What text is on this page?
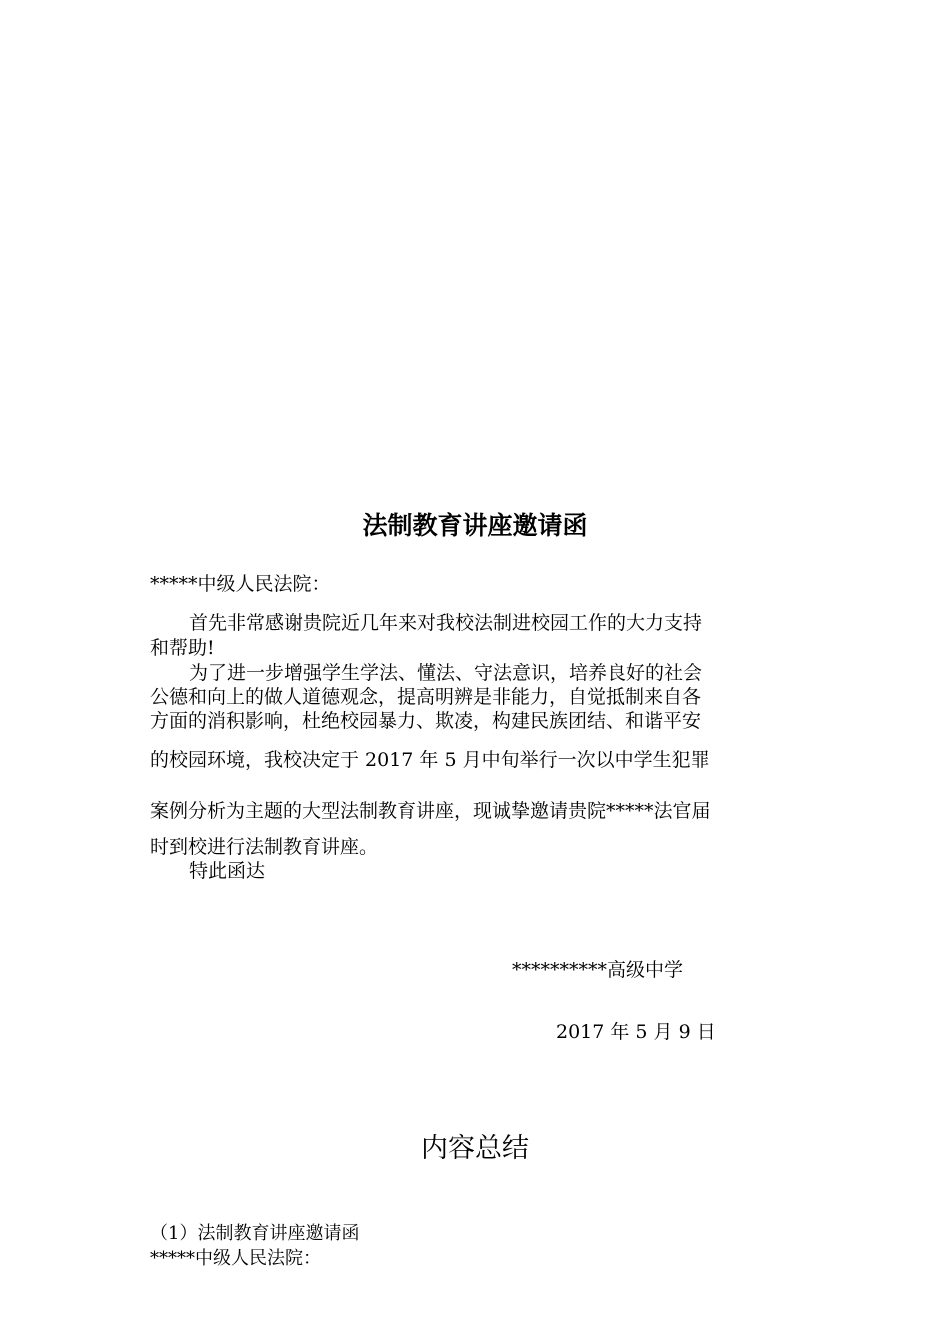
法制教育讲座邀请函
*****中级人民法院：
首先非常感谢贵院近几年来对我校法制进校园工作的大力支持
和帮助!
为了进一步增强学生学法、懂法、守法意识，培养良好的社会
公德和向上的做人道德观念，提高明辨是非能力，自觉抵制来自各
方面的消积影响，杜绝校园暴力、欺凌，构建民族团结、和谐平安
的校园环境，我校决定于 2017 年 5 月中旬举行一次以中学生犯罪
案例分析为主题的大型法制教育讲座，现诚挚邀请贵院*****法官届
时到校进行法制教育讲座。
特此函达
**********高级中学
2017 年 5 月 9 日
内容总结
（1）法制教育讲座邀请函
*****中级人民法院：
